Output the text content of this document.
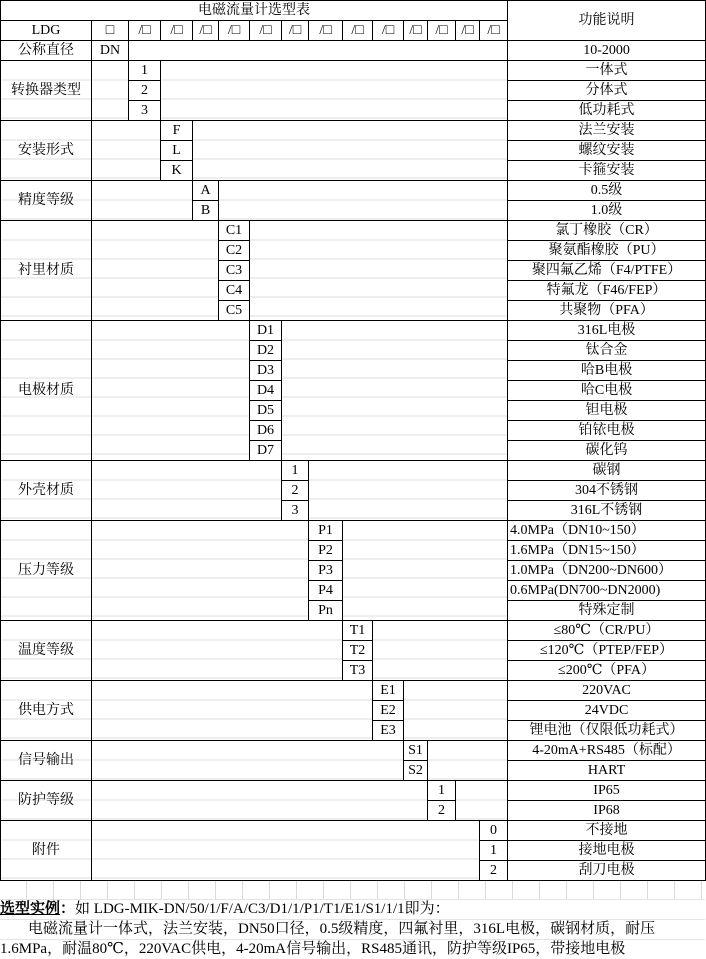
电磁流量计选型表															功能说明
LDG	□	/□	/□	/□	/□	/□	/□	/□	/□	/□	/□	/□	/□	/□	
公称直径	DN														10-2000
转换器类型		1													一体式
		2													分体式
		3													低功耗式
安装形式			F												法兰安装
			L												螺纹安装
			K												卡箍安装
精度等级				A											0.5级
				B											1.0级
衬里材质					C1										氯丁橡胶（CR）
					C2										聚氨酯橡胶（PU）
					C3										聚四氟乙烯（F4/PTFE）
					C4										特氟龙（F46/FEP）
					C5										共聚物（PFA）
电极材质						D1									316L电极
						D2									钛合金
						D3									哈B电极
						D4									哈C电极
						D5									钽电极
						D6									铂铱电极
						D7									碳化钨
外壳材质							1								碳钢
							2								304不锈钢
							3								316L不锈钢
压力等级								P1							4.0MPa（DN10~150）
								P2							1.6MPa（DN15~150）
								P3							1.0MPa（DN200~DN600）
								P4							0.6MPa(DN700~DN2000)
								Pn							特殊定制
温度等级									T1						≤80℃（CR/PU）
									T2						≤120℃（PTEP/FEP）
									T3						≤200℃（PFA）
供电方式										E1					220VAC
										E2					24VDC
										E3					锂电池（仅限低功耗式）
信号输出											S1				4-20mA+RS485（标配）
											S2				HART
防护等级												1			IP65
												2			IP68
附件														0	不接地
														1	接地电极
														2	刮刀电极
选型实例：如 LDG-MIK-DN/50/1/F/A/C3/D1/1/P1/T1/E1/S1/1/1即为：
电磁流量计一体式，法兰安装，DN50口径，0.5级精度，四氟衬里，316L电极，碳钢材质，耐压
1.6MPa，耐温80℃，220VAC供电，4-20mA信号输出，RS485通讯，防护等级IP65，带接地电极
